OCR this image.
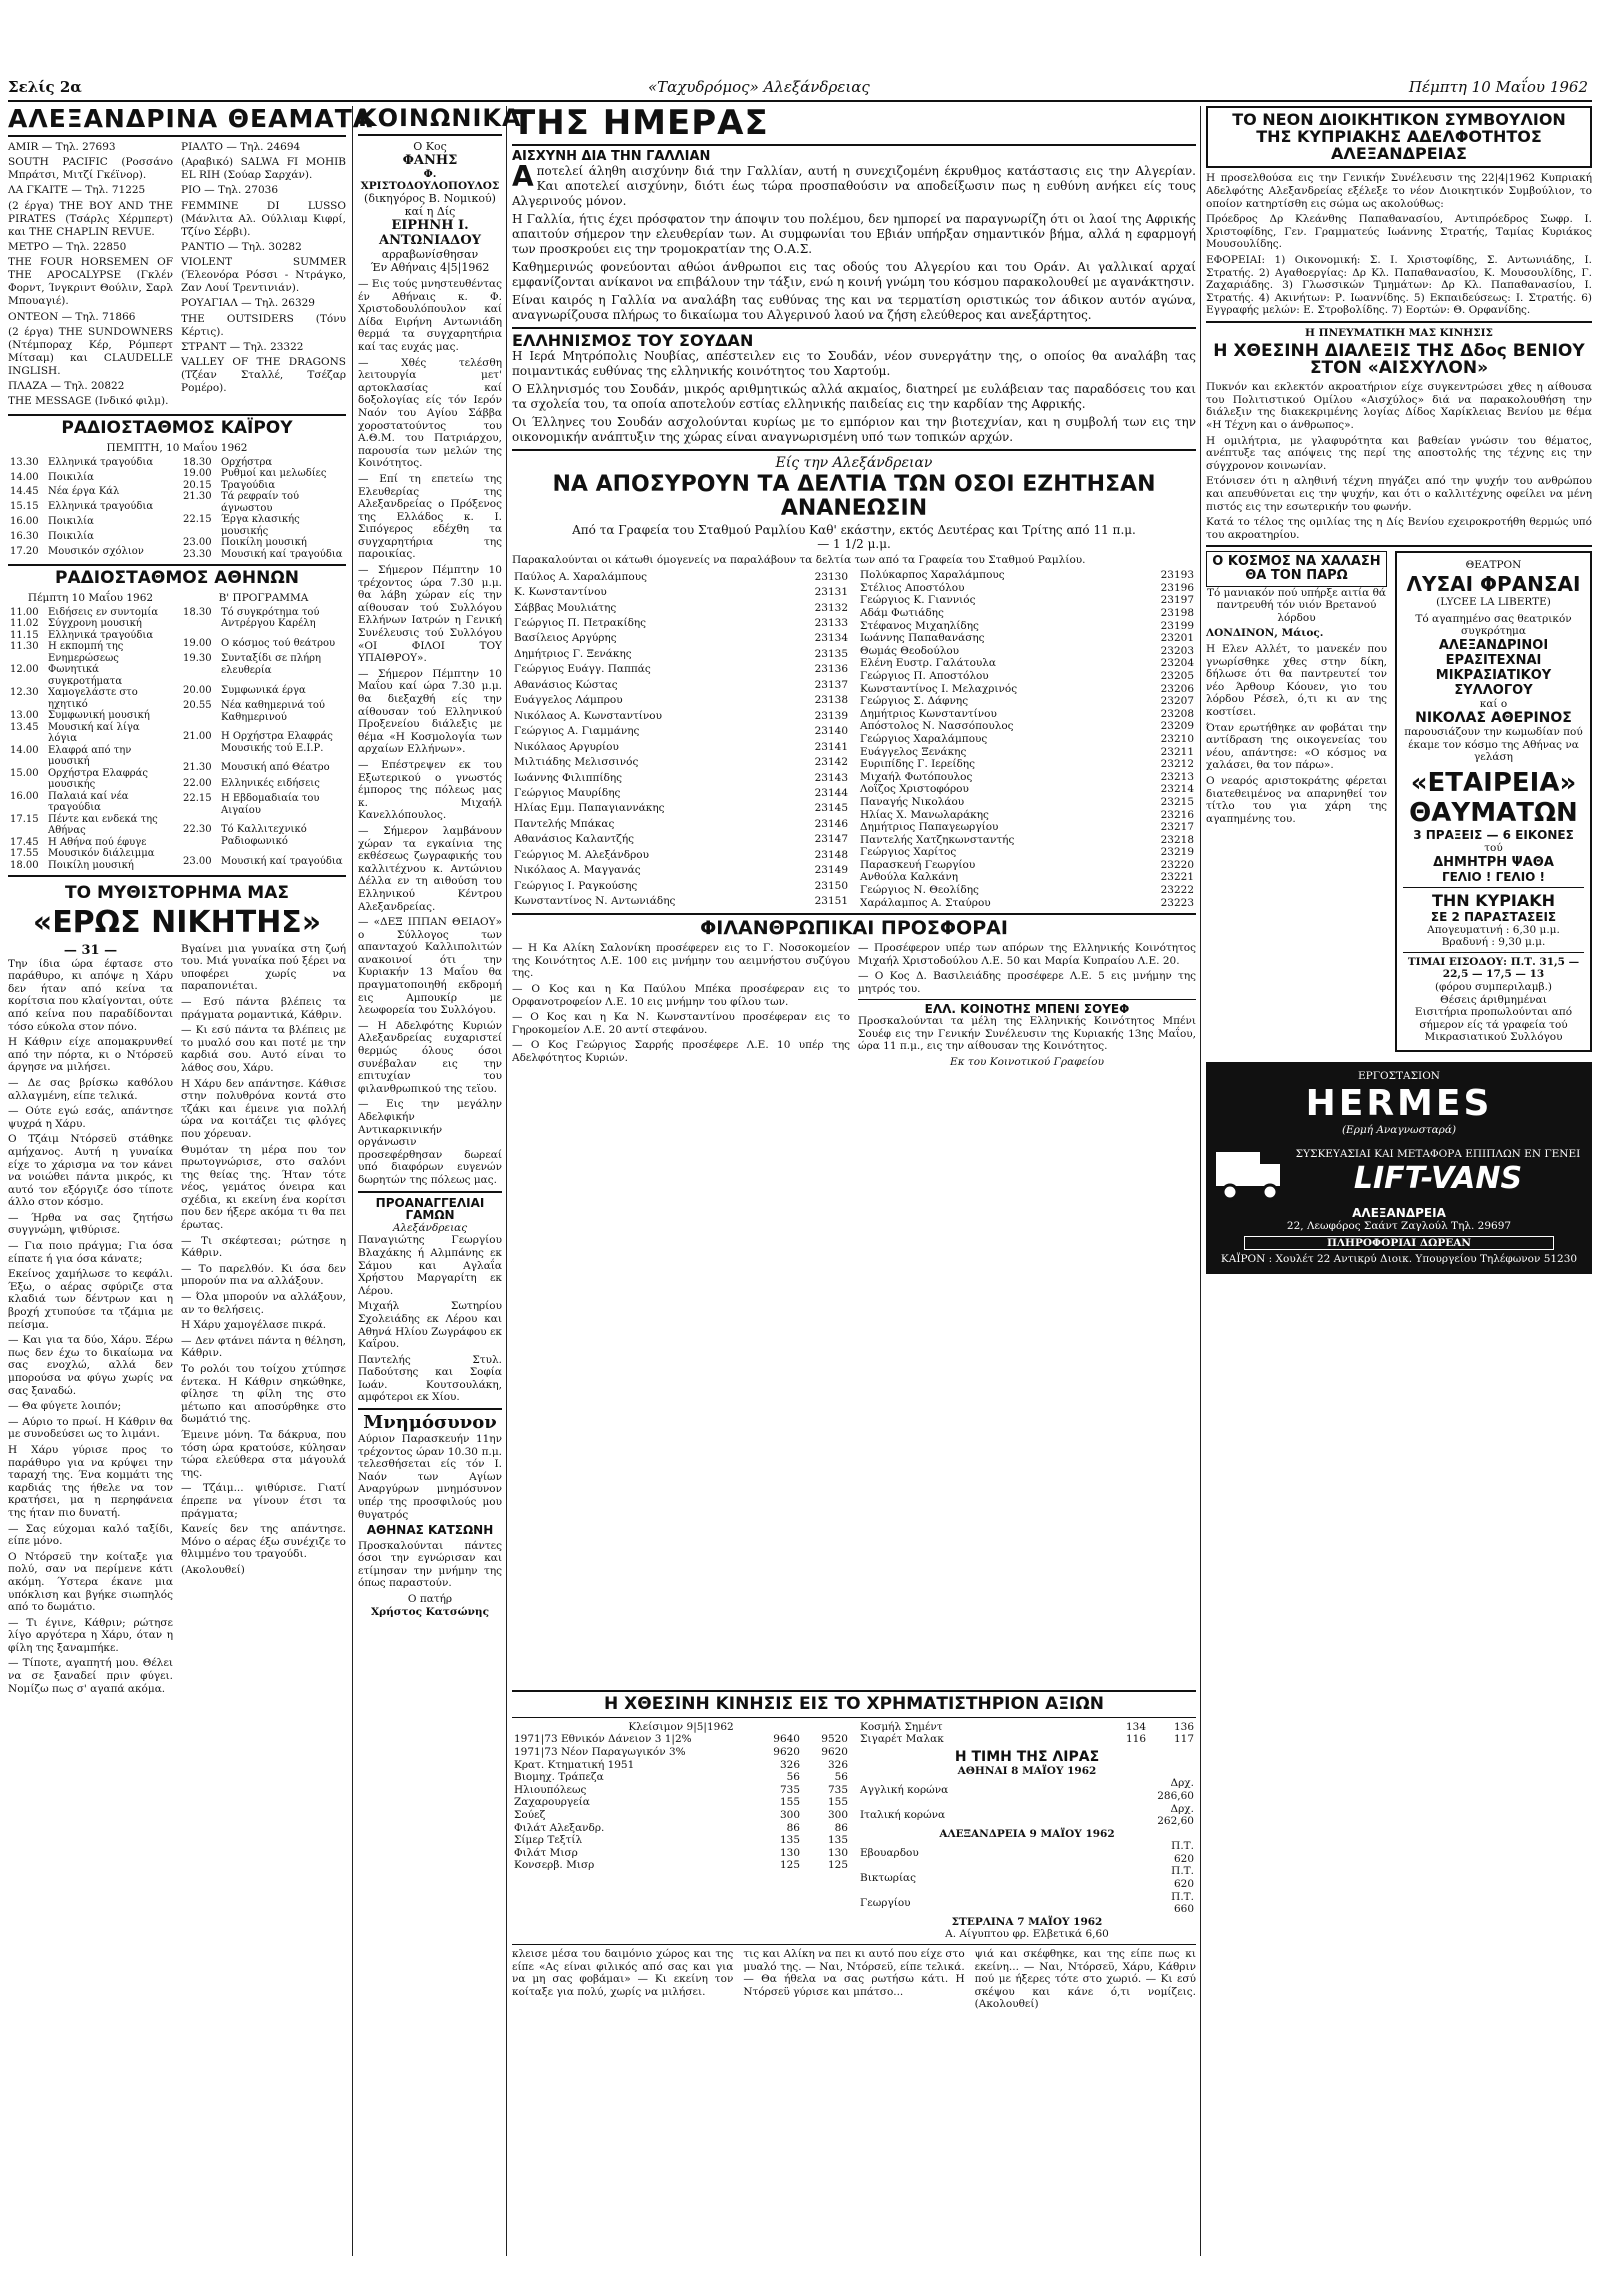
Σελίς 2α	«Ταχυδρόμος» Αλεξάνδρειας	Πέμπτη 10 Μαΐου 1962
ΑΛΕΞΑΝΔΡΙΝΑ ΘΕΑΜΑΤΑ

AMIR — Τηλ. 27693

SOUTH PACIFIC (Ροσσάνο Μπράτσι, Μιτζί Γκέϊνορ).

ΛΑ ΓΚΑΙΤΕ — Τηλ. 71225

(2 έργα) THE BOY AND THE PIRATES (Τσάρλς Χέρμπερτ) και THE CHAPLIN REVUE.

ΜΕΤΡΟ — Τηλ. 22850

THE FOUR HORSEMEN OF THE APOCALYPSE (Γκλέν Φορντ, Ίνγκριντ Θούλιν, Σαρλ Μπουαγιέ).

ΟΝΤΕΟΝ — Τηλ. 71866

(2 έργα) THE SUNDOWNERS (Ντέμποραχ Κέρ, Ρόμπερτ Μίτσαμ) και CLAUDELLE INGLISH.

ΠΛΑΖΑ — Τηλ. 20822

THE MESSAGE (Ινδικό φιλμ).

ΡΙΑΛΤΟ — Τηλ. 24694

(Αραβικό) SALWA FI MOHIB EL RIH (Σούαρ Σαρχάν).

ΡΙΟ — Τηλ. 27036

FEMMINE DI LUSSO (Μάνλιτα Αλ. Ούλλιαμ Κιφρί, Τζίνο Σέρβι).

ΡΑΝΤΙΟ — Τηλ. 30282

VIOLENT SUMMER (Έλεονόρα Ρόσσι - Ντράγκο, Ζαν Λουί Τρεντινιάν).

ΡΟΥΑΓΙΑΛ — Τηλ. 26329

THE OUTSIDERS (Τόνυ Κέρτις).

ΣΤΡΑΝΤ — Τηλ. 23322

VALLEY OF THE DRAGONS (Τζέαν Σταλλέ, Τσέζαρ Ρομέρο).

ΡΑΔΙΟΣΤΑΘΜΟΣ ΚΑΪΡΟΥ
ΠΕΜΠΤΗ, 10 Μαΐου 1962
13.30	Ελληνικά τραγούδια
14.00	Ποικιλία
14.45	Νέα έργα Κάλ
15.15	Ελληνικά τραγούδια
16.00	Ποικιλία
16.30	Ποικιλία
17.20	Μουσικόν σχόλιον
18.30	Ορχήστρα
19.00	Ρυθμοί και μελωδίες
20.15	Τραγούδια
21.30	Τά ρεφραίν τού άγνωστου
22.15	Έργα κλασικής μουσικής
23.00	Ποικίλη μουσική
23.30	Μουσική καί τραγούδια
ΡΑΔΙΟΣΤΑΘΜΟΣ ΑΘΗΝΩΝ
Πέμπτη 10 Μαΐου 1962	Β' ΠΡΟΓΡΑΜΜΑ
11.00	Ειδήσεις εν συντομία
11.02	Σύγχρονη μουσική
11.15	Ελληνικά τραγούδια
11.30	Η εκπομπή της Ενημερώσεως
12.00	Φωνητικά συγκροτήματα
12.30	Χαμογελάστε στο ηχητικό
13.00	Συμφωνική μουσική
13.45	Μουσική καί λίγα λόγια
14.00	Ελαφρά από την μουσική
15.00	Ορχήστρα Ελαφράς μουσικής
16.00	Παλαιά καί νέα τραγούδια
17.15	Πέντε και ενδεκά της Αθήνας
17.45	Η Αθήνα πού έφυγε
17.55	Μουσικόν διάλειμμα
18.00	Ποικίλη μουσική
18.30	Τό συγκρότημα τού Αντρέργου Καρέλη
19.00	Ο κόσμος τού θεάτρου
19.30	Συνταξίδι σε πλήρη ελευθερία
20.00	Συμφωνικά έργα
20.55	Νέα καθημερινά τού Καθημερινού
21.00	Η Ορχήστρα Ελαφράς Μουσικής τού Ε.Ι.Ρ.
21.30	Μουσική από Θέατρο
22.00	Ελληνικές ειδήσεις
22.15	Η Εβδομαδιαία του Αιγαίου
22.30	Τό Καλλιτεχνικό Ραδιοφωνικό
23.00	Μουσική καί τραγούδια
ΤΟ ΜΥΘΙΣΤΟΡΗΜΑ ΜΑΣ
«ΕΡΩΣ ΝΙΚΗΤΗΣ»
— 31 —

Την ίδια ώρα έφτασε στο παράθυρο, κι απόψε η Χάρυ δεν ήταν από κείνα τα κορίτσια που κλαίγονται, ούτε από κείνα που παραδίδονται τόσο εύκολα στον πόνο.

Η Κάθριν είχε απομακρυνθεί από την πόρτα, κι ο Ντόρσεϋ άργησε να μιλήσει.

— Δε σας βρίσκω καθόλου αλλαγμένη, είπε τελικά.

— Ούτε εγώ εσάς, απάντησε ψυχρά η Χάρυ.

Ο Τζάιμ Ντόρσεϋ στάθηκε αμήχανος. Αυτή η γυναίκα είχε το χάρισμα να τον κάνει να νοιώθει πάντα μικρός, κι αυτό τον εξόργιζε όσο τίποτε άλλο στον κόσμο.

— Ήρθα να σας ζητήσω συγγνώμη, ψιθύρισε.

— Για ποιο πράγμα; Για όσα είπατε ή για όσα κάνατε;

Εκείνος χαμήλωσε το κεφάλι. Έξω, ο αέρας σφύριζε στα κλαδιά των δέντρων και η βροχή χτυπούσε τα τζάμια με πείσμα.

— Και για τα δύο, Χάρυ. Ξέρω πως δεν έχω το δικαίωμα να σας ενοχλώ, αλλά δεν μπορούσα να φύγω χωρίς να σας ξαναδώ.

— Θα φύγετε λοιπόν;

— Αύριο το πρωί. Η Κάθριν θα με συνοδεύσει ως το λιμάνι.

Η Χάρυ γύρισε προς το παράθυρο για να κρύψει την ταραχή της. Ένα κομμάτι της καρδιάς της ήθελε να τον κρατήσει, μα η περηφάνεια της ήταν πιο δυνατή.

— Σας εύχομαι καλό ταξίδι, είπε μόνο.

Ο Ντόρσεϋ την κοίταξε για πολύ, σαν να περίμενε κάτι ακόμη. Ύστερα έκανε μια υπόκλιση και βγήκε σιωπηλός από το δωμάτιο.

— Τι έγινε, Κάθριν; ρώτησε λίγο αργότερα η Χάρυ, όταν η φίλη της ξαναμπήκε.

— Τίποτε, αγαπητή μου. Θέλει να σε ξαναδεί πριν φύγει. Νομίζω πως σ' αγαπά ακόμα.

Βγαίνει μια γυναίκα στη ζωή του. Μιά γυναίκα πού ξέρει να υποφέρει χωρίς να παραπονιέται.

— Εσύ πάντα βλέπεις τα πράγματα ρομαντικά, Κάθριν.

— Κι εσύ πάντα τα βλέπεις με το μυαλό σου και ποτέ με την καρδιά σου. Αυτό είναι το λάθος σου, Χάρυ.

Η Χάρυ δεν απάντησε. Κάθισε στην πολυθρόνα κοντά στο τζάκι και έμεινε για πολλή ώρα να κοιτάζει τις φλόγες που χόρευαν.

Θυμόταν τη μέρα που τον πρωτογνώρισε, στο σαλόνι της θείας της. Ήταν τότε νέος, γεμάτος όνειρα και σχέδια, κι εκείνη ένα κορίτσι που δεν ήξερε ακόμα τι θα πει έρωτας.

— Τι σκέφτεσαι; ρώτησε η Κάθριν.

— Το παρελθόν. Κι όσα δεν μπορούν πια να αλλάξουν.

— Όλα μπορούν να αλλάξουν, αν το θελήσεις.

Η Χάρυ χαμογέλασε πικρά.

— Δεν φτάνει πάντα η θέληση, Κάθριν.

Το ρολόι του τοίχου χτύπησε έντεκα. Η Κάθριν σηκώθηκε, φίλησε τη φίλη της στο μέτωπο και αποσύρθηκε στο δωμάτιό της.

Έμεινε μόνη. Τα δάκρυα, που τόση ώρα κρατούσε, κύλησαν τώρα ελεύθερα στα μάγουλά της.

— Τζάιμ... ψιθύρισε. Γιατί έπρεπε να γίνουν έτσι τα πράγματα;

Κανείς δεν της απάντησε. Μόνο ο αέρας έξω συνέχιζε το θλιμμένο του τραγούδι.

(Ακολουθεί)

ΚΟΙΝΩΝΙΚΑ
Ο Κος
ΦΑΝΗΣ
Φ. ΧΡΙΣΤΟΔΟΥΛΟΠΟΥΛΟΣ
(δικηγόρος Β. Νομικού)
καί η Δίς
ΕΙΡΗΝΗ Ι. ΑΝΤΩΝΙΑΔΟΥ
αρραβωνίσθησαν
Έν Αθήναις 4|5|1962

— Εις τούς μνηστευθέντας έν Αθήναις κ. Φ. Χριστοδουλόπουλον καί Δίδα Ειρήνη Αντωνιάδη θερμά τα συγχαρητήρια καί τας ευχάς μας.

— Χθές τελέσθη λειτουργία μετ' αρτοκλασίας καί δοξολογίας είς τόν Ιερόν Ναόν του Αγίου Σάββα χοροστατούντος του Α.Θ.Μ. του Πατριάρχου, παρουσία των μελών της Κοινότητος.

— Επί τη επετείω της Ελευθερίας της Αλεξανδρείας ο Πρόξενος της Ελλάδος κ. Ι. Σιπόγερος εδέχθη τα συγχαρητήρια της παροικίας.

— Σήμερον Πέμπτην 10 τρέχοντος ώρα 7.30 μ.μ. θα λάβη χώραν είς την αίθουσαν τού Συλλόγου Ελλήνων Ιατρών η Γενική Συνέλευσις τού Συλλόγου «ΟΙ ΦΙΛΟΙ ΤΟΥ ΥΠΑΙΘΡΟΥ».

— Σήμερον Πέμπτην 10 Μαΐου καί ώρα 7.30 μ.μ. θα διεξαχθή είς την αίθουσαν τού Ελληνικού Προξενείου διάλεξις με θέμα «Η Κοσμολογία των αρχαίων Ελλήνων».

— Επέστρεψεν εκ του Εξωτερικού ο γνωστός έμπορος της πόλεως μας κ. Μιχαήλ Κανελλόπουλος.

— Σήμερον λαμβάνουν χώραν τα εγκαίνια της εκθέσεως ζωγραφικής του καλλιτέχνου κ. Αντώνιου Δέλλα εν τη αιθούση του Ελληνικού Κέντρου Αλεξανδρείας.

— «ΔΕΞ ΙΠΠΑΝ ΘΕΙΑΟΥ» ο Σύλλογος των απανταχού Καλλιπολιτών ανακοινοί ότι την Κυριακήν 13 Μαΐου θα πραγματοποιηθή εκδρομή εις Αμπουκίρ με λεωφορεία του Συλλόγου.

— Η Αδελφότης Κυριών Αλεξανδρείας ευχαριστεί θερμώς όλους όσοι συνέβαλαν εις την επιτυχίαν του φιλανθρωπικού της τεϊου.

— Εις την μεγάλην Αδελφικήν Αντικαρκινικήν οργάνωσιν προσεφέρθησαν δωρεαί υπό διαφόρων ευγενών δωρητών της πόλεως μας.

ΠΡΟΑΝΑΓΓΕΛΙΑΙ ΓΑΜΩΝ
Αλεξάνδρειας

Παναγιώτης Γεωργίου Βλαχάκης ή Αλμπάνης εκ Σάμου και Αγλαΐα Χρήστου Μαργαρίτη εκ Λέρου.

Μιχαήλ Σωτηρίου Σχολειάδης εκ Λέρου και Αθηνά Ηλίου Ζωγράφου εκ Καΐρου.

Παντελής Στυλ. Παδούτσης και Σοφία Ιωάν. Κουτσουλάκη, αμφότεροι εκ Χίου.

Μνημόσυνον

Αύριον Παρασκευήν 11ην τρέχοντος ώραν 10.30 π.μ. τελεσθήσεται είς τόν Ι. Ναόν των Αγίων Αναργύρων μνημόσυνον υπέρ της προσφιλούς μου θυγατρός

ΑΘΗΝΑΣ ΚΑΤΣΩΝΗ

Προσκαλούνται πάντες όσοι την εγνώρισαν και ετίμησαν την μνήμην της όπως παραστούν.

Ο πατήρ
Χρήστος Κατσώνης
ΤΗΣ ΗΜΕΡΑΣ
ΑΙΣΧΥΝΗ ΔΙΑ ΤΗΝ ΓΑΛΛΙΑΝ

Αποτελεί άληθη αισχύνην διά την Γαλλίαν, αυτή η συνεχιζομένη έκρυθμος κατάστασις εις την Αλγερίαν. Και αποτελεί αισχύνην, διότι έως τώρα προσπαθούσιν να αποδείξωσιν πως η ευθύνη ανήκει είς τους Αλγερινούς μόνον.

Η Γαλλία, ήτις έχει πρόσφατον την άποψιν του πολέμου, δεν ημπορεί να παραγνωρίζη ότι οι λαοί της Αφρικής απαιτούν σήμερον την ελευθερίαν των. Αι συμφωνίαι του Εβιάν υπήρξαν σημαντικόν βήμα, αλλά η εφαρμογή των προσκρούει εις την τρομοκρατίαν της Ο.Α.Σ.

Καθημερινώς φονεύονται αθώοι άνθρωποι εις τας οδούς του Αλγερίου και του Οράν. Αι γαλλικαί αρχαί εμφανίζονται ανίκανοι να επιβάλουν την τάξιν, ενώ η κοινή γνώμη του κόσμου παρακολουθεί με αγανάκτησιν.

Είναι καιρός η Γαλλία να αναλάβη τας ευθύνας της και να τερματίση οριστικώς τον άδικον αυτόν αγώνα, αναγνωρίζουσα πλήρως το δικαίωμα του Αλγερινού λαού να ζήση ελεύθερος και ανεξάρτητος.

ΕΛΛΗΝΙΣΜΟΣ ΤΟΥ ΣΟΥΔΑΝ

Η Ιερά Μητρόπολις Νουβίας, απέστειλεν εις το Σουδάν, νέον συνεργάτην της, ο οποίος θα αναλάβη τας ποιμαντικάς ευθύνας της ελληνικής κοινότητος του Χαρτούμ.

Ο Ελληνισμός του Σουδάν, μικρός αριθμητικώς αλλά ακμαίος, διατηρεί με ευλάβειαν τας παραδόσεις του και τα σχολεία του, τα οποία αποτελούν εστίας ελληνικής παιδείας εις την καρδίαν της Αφρικής.

Οι Έλληνες του Σουδάν ασχολούνται κυρίως με το εμπόριον και την βιοτεχνίαν, και η συμβολή των εις την οικονομικήν ανάπτυξιν της χώρας είναι αναγνωρισμένη υπό των τοπικών αρχών.

Είς την Αλεξάνδρειαν
ΝΑ ΑΠΟΣΥΡΟΥΝ ΤΑ ΔΕΛΤΙΑ ΤΩΝ ΟΣΟΙ ΕΖΗΤΗΣΑΝ ΑΝΑΝΕΩΣΙΝ
Από τα Γραφεία του Σταθμού Ραμλίου Καθ' εκάστην, εκτός Δευτέρας και Τρίτης από 11 π.μ. — 1 1/2 μ.μ.

Παρακαλούνται οι κάτωθι όμογενείς να παραλάβουν τα δελτία των από τα Γραφεία του Σταθμού Ραμλίου.

Παύλος Α. Χαραλάμπους	23130
Κ. Κωνσταντίνου	23131
Σάββας Μουλιάτης	23132
Γεώργιος Π. Πετρακίδης	23133
Βασίλειος Αργύρης	23134
Δημήτριος Γ. Ξενάκης	23135
Γεώργιος Ευάγγ. Παππάς	23136
Αθανάσιος Κώστας	23137
Ευάγγελος Λάμπρου	23138
Νικόλαος Α. Κωνσταντίνου	23139
Γεώργιος Α. Γιαμμάνης	23140
Νικόλαος Αργυρίου	23141
Μιλτιάδης Μελισσινός	23142
Ιωάννης Φιλιππίδης	23143
Γεώργιος Μαυρίδης	23144
Ηλίας Εμμ. Παπαγιαννάκης	23145
Παντελής Μπάκας	23146
Αθανάσιος Καλαντζής	23147
Γεώργιος Μ. Αλεξάνδρου	23148
Νικόλαος Α. Μαγγανάς	23149
Γεώργιος Ι. Ραγκούσης	23150
Κωνσταντίνος Ν. Αντωνιάδης	23151
Πολύκαρπος Χαραλάμπους	23193
Στέλιος Αποστόλου	23196
Γεώργιος Κ. Γιαννιός	23197
Αδάμ Φωτιάδης	23198
Στέφανος Μιχαηλίδης	23199
Ιωάννης Παπαθανάσης	23201
Θωμάς Θεοδούλου	23203
Ελένη Ευστρ. Γαλάτουλα	23204
Γεώργιος Π. Αποστόλου	23205
Κωνσταντίνος Ι. Μελαχρινός	23206
Γεώργιος Σ. Δάφνης	23207
Δημήτριος Κωνσταντίνου	23208
Απόστολος Ν. Νασσόπουλος	23209
Γεώργιος Χαραλάμπους	23210
Ευάγγελος Ξενάκης	23211
Ευριπίδης Γ. Ιερείδης	23212
Μιχαήλ Φωτόπουλος	23213
Λοΐζος Χριστοφόρου	23214
Παναγής Νικολάου	23215
Ηλίας Χ. Μανωλαράκης	23216
Δημήτριος Παπαγεωργίου	23217
Παντελής Χατζηκωνσταντής	23218
Γεώργιος Χαρίτος	23219
Παρασκευή Γεωργίου	23220
Ανθούλα Καλκάνη	23221
Γεώργιος Ν. Θεολίδης	23222
Χαράλαμπος Α. Σταύρου	23223
ΦΙΛΑΝΘΡΩΠΙΚΑΙ ΠΡΟΣΦΟΡΑΙ

— Η Κα Αλίκη Σαλονίκη προσέφερεν εις το Γ. Νοσοκομείον της Κοινότητος Λ.Ε. 100 εις μνήμην του αειμνήστου συζύγου της.

— Ο Κος και η Κα Παύλου Μπέκα προσέφεραν εις το Ορφανοτροφείον Λ.Ε. 10 εις μνήμην του φίλου των.

— Ο Κος και η Κα Ν. Κωνσταντίνου προσέφεραν εις το Γηροκομείον Λ.Ε. 20 αντί στεφάνου.

— Ο Κος Γεώργιος Σαρρής προσέφερε Λ.Ε. 10 υπέρ της Αδελφότητος Κυριών.

— Προσέφερον υπέρ των απόρων της Ελληνικής Κοινότητος Μιχαήλ Χριστοδούλου Λ.Ε. 50 και Μαρία Κυπραίου Λ.Ε. 20.

— Ο Κος Δ. Βασιλειάδης προσέφερε Λ.Ε. 5 εις μνήμην της μητρός του.

ΕΛΛ. ΚΟΙΝΟΤΗΣ ΜΠΕΝΙ ΣΟΥΕΦ

Προσκαλούνται τα μέλη της Ελληνικής Κοινότητος Μπένι Σουέφ εις την Γενικήν Συνέλευσιν της Κυριακής 13ης Μαΐου, ώρα 11 π.μ., εις την αίθουσαν της Κοινότητος.

Εκ του Κοινοτικού Γραφείου
ΤΟ ΝΕΟΝ ΔΙΟΙΚΗΤΙΚΟΝ ΣΥΜΒΟΥΛΙΟΝ ΤΗΣ ΚΥΠΡΙΑΚΗΣ ΑΔΕΛΦΟΤΗΤΟΣ ΑΛΕΞΑΝΔΡΕΙΑΣ

Η προσελθούσα εις την Γενικήν Συνέλευσιν της 22|4|1962 Κυπριακή Αδελφότης Αλεξανδρείας εξέλεξε το νέον Διοικητικόν Συμβούλιον, το οποίον κατηρτίσθη εις σώμα ως ακολούθως:

Πρόεδρος Δρ Κλεάνθης Παπαθανασίου, Αντιπρόεδρος Σωφρ. Ι. Χριστοφίδης, Γεν. Γραμματεύς Ιωάννης Στρατής, Ταμίας Κυριάκος Μουσουλίδης.

ΕΦΟΡΕΙΑΙ: 1) Οικονομική: Σ. Ι. Χριστοφίδης, Σ. Αντωνιάδης, Ι. Στρατής. 2) Αγαθοεργίας: Δρ Κλ. Παπαθανασίου, Κ. Μουσουλίδης, Γ. Ζαχαριάδης. 3) Γλωσσικών Τμημάτων: Δρ Κλ. Παπαθανασίου, Ι. Στρατής. 4) Ακινήτων: Ρ. Ιωαννίδης. 5) Εκπαιδεύσεως: Ι. Στρατής. 6) Εγγραφής μελών: Ε. Στροβολίδης. 7) Εορτών: Θ. Ορφανίδης.

Η ΠΝΕΥΜΑΤΙΚΗ ΜΑΣ ΚΙΝΗΣΙΣ
Η ΧΘΕΣΙΝΗ ΔΙΑΛΕΞΙΣ ΤΗΣ Δδος ΒΕΝΙΟΥ ΣΤΟΝ «ΑΙΣΧΥΛΟΝ»

Πυκνόν και εκλεκτόν ακροατήριον είχε συγκεντρώσει χθες η αίθουσα του Πολιτιστικού Ομίλου «Αισχύλος» διά να παρακολουθήση την διάλεξιν της διακεκριμένης λογίας Δίδος Χαρίκλειας Βενίου με θέμα «Η Τέχνη και ο άνθρωπος».

Η ομιλήτρια, με γλαφυρότητα και βαθείαν γνώσιν του θέματος, ανέπτυξε τας απόψεις της περί της αποστολής της τέχνης εις την σύγχρονον κοινωνίαν.

Ετόνισεν ότι η αληθινή τέχνη πηγάζει από την ψυχήν του ανθρώπου και απευθύνεται εις την ψυχήν, και ότι ο καλλιτέχνης οφείλει να μένη πιστός εις την εσωτερικήν του φωνήν.

Κατά το τέλος της ομιλίας της η Δίς Βενίου εχειροκροτήθη θερμώς υπό του ακροατηρίου.

Ο ΚΟΣΜΟΣ ΝΑ ΧΑΛΑΣΗ ΘΑ ΤΟΝ ΠΑΡΩ

Τό μανιακόν πού υπήρξε αιτία θά παντρευθή τόν υιόν Βρετανού λόρδου

ΛΟΝΔΙΝΟΝ, Μάιος.

Η Ελεν Αλλέτ, το μανεκέν που γνωρίσθηκε χθες στην δίκη, δήλωσε ότι θα παντρευτεί τον νέο Άρθουρ Κόουεν, γιο του λόρδου Ρέσελ, ό,τι κι αν της κοστίσει.

Όταν ερωτήθηκε αν φοβάται την αντίδραση της οικογενείας του νέου, απάντησε: «Ο κόσμος να χαλάσει, θα τον πάρω».

Ο νεαρός αριστοκράτης φέρεται διατεθειμένος να απαρνηθεί τον τίτλο του για χάρη της αγαπημένης του.

ΘΕΑΤΡΟΝ
ΛΥΣΑΙ ΦΡΑΝΣΑΙ
(LYCEE LA LIBERTE)
Τό αγαπημένο σας θεατρικόν συγκρότημα
ΑΛΕΞΑΝΔΡΙΝΟΙ ΕΡΑΣΙΤΕΧΝΑΙ ΜΙΚΡΑΣΙΑΤΙΚΟΥ ΣΥΛΛΟΓΟΥ
καί ο
ΝΙΚΟΛΑΣ ΑΘΕΡΙΝΟΣ
παρουσιάζουν την κωμωδίαν πού έκαμε τον κόσμο της Αθήνας να γελάση
«ΕΤΑΙΡΕΙΑ»
ΘΑΥΜΑΤΩΝ
3 ΠΡΑΞΕΙΣ — 6 ΕΙΚΟΝΕΣ
τού
ΔΗΜΗΤΡΗ ΨΑΘΑ
ΓΕΛΙΟ ! ΓΕΛΙΟ !
ΤΗΝ ΚΥΡΙΑΚΗ
ΣΕ 2 ΠΑΡΑΣΤΑΣΕΙΣ
Απογευματινή : 6,30 μ.μ.
Βραδυνή : 9,30 μ.μ.
ΤΙΜΑΙ ΕΙΣΟΔΟΥ: Π.Τ. 31,5 — 22,5 — 17,5 — 13
(φόρου συμπεριλαμβ.)
Θέσεις άριθμημέναι
Εισιτήρια προπωλούνται από σήμερον είς τά γραφεία τού Μικρασιατικού Συλλόγου
ΕΡΓΟΣΤΑΣΙΟΝ
HERMES
(Ερμή Αναγνωσταρά)
ΣΥΣΚΕΥΑΣΙΑΙ ΚΑΙ ΜΕΤΑΦΟΡΑ ΕΠΙΠΛΩΝ ΕΝ ΓΕΝΕΙ
LIFT-VANS
ΑΛΕΞΑΝΔΡΕΙΑ
22, Λεωφόρος Σαάντ Ζαγλούλ Τηλ. 29697
ΠΛΗΡΟΦΟΡΙΑΙ ΔΩΡΕΑΝ
ΚΑΪΡΟΝ : Χουλέτ 22 Αντικρύ Διοικ. Υπουργείου Τηλέφωνον 51230
Η ΧΘΕΣΙΝΗ ΚΙΝΗΣΙΣ ΕΙΣ ΤΟ ΧΡΗΜΑΤΙΣΤΗΡΙΟΝ ΑΞΙΩΝ
Κλείσιμον 9|5|1962
1971|73 Εθνικόν Δάνειον 3 1|2%	9640	9520
1971|73 Νέον Παραγωγικόν 3%	9620	9620
Κρατ. Κτηματική 1951	326	326
Βιομηχ. Τράπεζα	56	56
Ηλιουπόλεως	735	735
Ζαχαρουργεία	155	155
Σούεζ	300	300
Φιλάτ Αλεξανδρ.	86	86
Σίμερ Τεξτίλ	135	135
Φιλάτ Μισρ	130	130
Κονσερβ. Μισρ	125	125
Κοσμήλ Σημέντ	134	136
Σιγαρέτ Μαλακ	116	117
Η ΤΙΜΗ ΤΗΣ ΛΙΡΑΣ
ΑΘΗΝΑΙ 8 ΜΑΪΟΥ 1962
Αγγλική κορώνα	Δρχ. 286,60
Ιταλική κορώνα	Δρχ. 262,60
ΑΛΕΞΑΝΔΡΕΙΑ 9 ΜΑΪΟΥ 1962
Εβουαρδου	Π.Τ. 620
Βικτωρίας	Π.Τ. 620
Γεωργίου	Π.Τ. 660
ΣΤΕΡΛΙΝΑ 7 ΜΑΪΟΥ 1962
Α. Αίγυπτου φρ. Ελβετικά 6,60

κλεισε μέσα του δαιμόνιο χώρος και της είπε «Ας είναι φιλικός από σας και για να μη σας φοβάμαι» — Κι εκείνη τον κοίταξε για πολύ, χωρίς να μιλήσει.

τις και Αλίκη να πει κι αυτό που είχε στο μυαλό της. — Ναι, Ντόρσεϋ, είπε τελικά. — Θα ήθελα να σας ρωτήσω κάτι. Η Ντόρσεϋ γύρισε και μπάτσο...

ψιά και σκέφθηκε, και της είπε πως κι εκείνη... — Ναι, Ντόρσεϋ, Χάρυ, Κάθριν πού με ήξερες τότε στο χωριό. — Κι εσύ σκέψου και κάνε ό,τι νομίζεις. (Ακολουθεί)
